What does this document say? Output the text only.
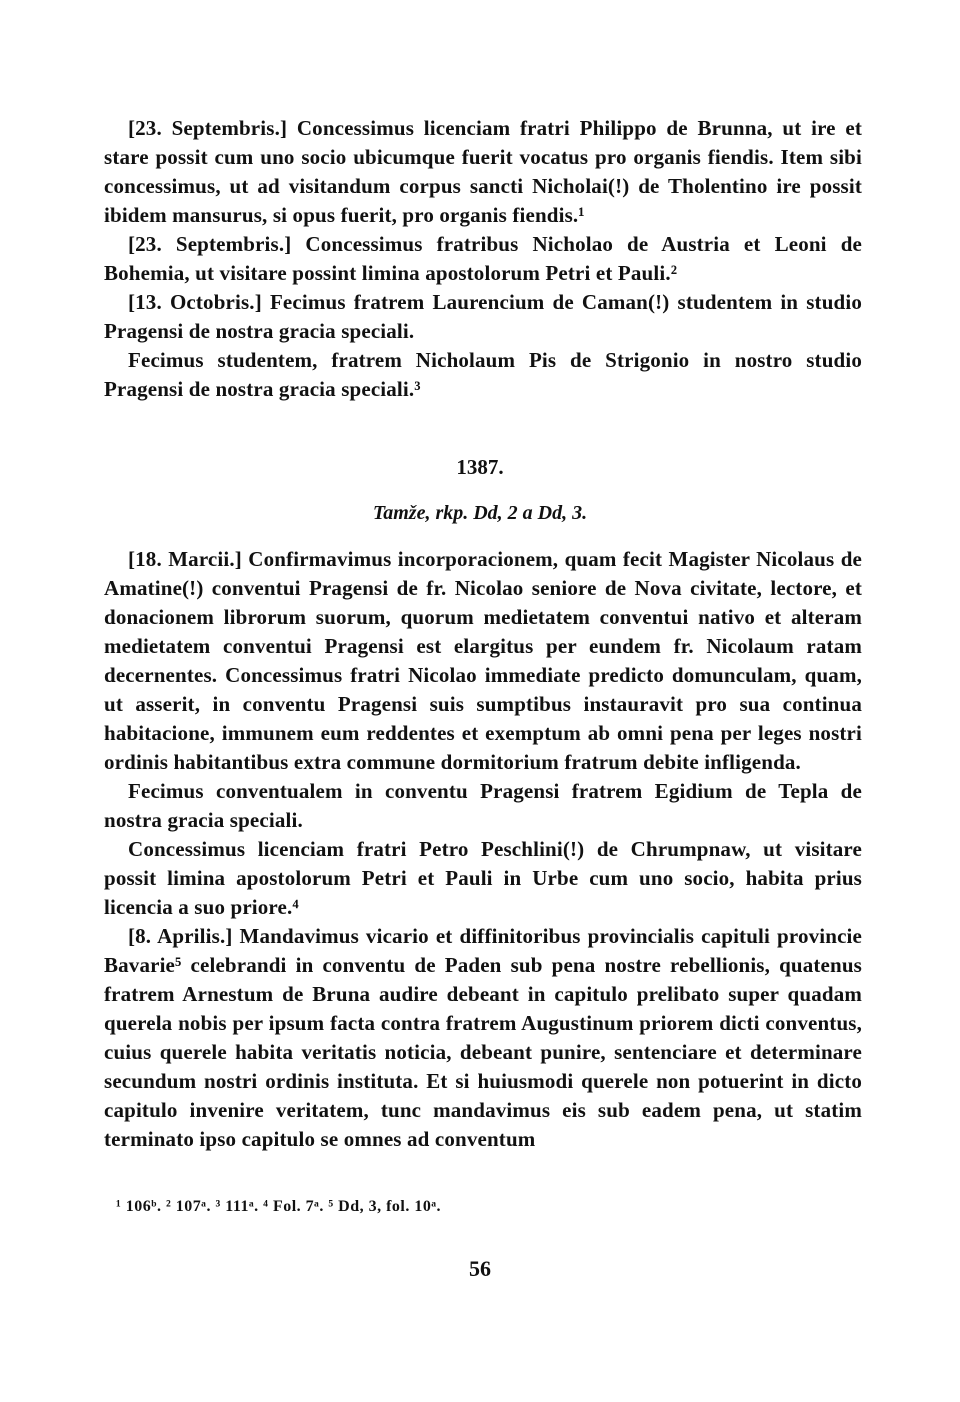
[23. Septembris.] Concessimus licenciam fratri Philippo de Brunna, ut ire et stare possit cum uno socio ubicumque fuerit vocatus pro organis fiendis. Item sibi concessimus, ut ad visitandum corpus sancti Nicholai(!) de Tholentino ire possit ibidem mansurus, si opus fuerit, pro organis fiendis.¹

[23. Septembris.] Concessimus fratribus Nicholao de Austria et Leoni de Bohemia, ut visitare possint limina apostolorum Petri et Pauli.²

[13. Octobris.] Fecimus fratrem Laurencium de Caman(!) studentem in studio Pragensi de nostra gracia speciali.

Fecimus studentem, fratrem Nicholaum Pis de Strigonio in nostro studio Pragensi de nostra gracia speciali.³

1387.
Tamže, rkp. Dd, 2 a Dd, 3.

[18. Marcii.] Confirmavimus incorporacionem, quam fecit Magister Nicolaus de Amatine(!) conventui Pragensi de fr. Nicolao seniore de Nova civitate, lectore, et donacionem librorum suorum, quorum medietatem conventui nativo et alteram medietatem conventui Pragensi est elargitus per eundem fr. Nicolaum ratam decernentes. Concessimus fratri Nicolao immediate predicto domunculam, quam, ut asserit, in conventu Pragensi suis sumptibus instauravit pro sua continua habitacione, immunem eum reddentes et exemptum ab omni pena per leges nostri ordinis habitantibus extra commune dormitorium fratrum debite infligenda.

Fecimus conventualem in conventu Pragensi fratrem Egidium de Tepla de nostra gracia speciali.

Concessimus licenciam fratri Petro Peschlini(!) de Chrumpnaw, ut visitare possit limina apostolorum Petri et Pauli in Urbe cum uno socio, habita prius licencia a suo priore.⁴

[8. Aprilis.] Mandavimus vicario et diffinitoribus provincialis capituli provincie Bavarie⁵ celebrandi in conventu de Paden sub pena nostre rebellionis, quatenus fratrem Arnestum de Bruna audire debeant in capitulo prelibato super quadam querela nobis per ipsum facta contra fratrem Augustinum priorem dicti conventus, cuius querele habita veritatis noticia, debeant punire, sentenciare et determinare secundum nostri ordinis instituta. Et si huiusmodi querele non potuerint in dicto capitulo invenire veritatem, tunc mandavimus eis sub eadem pena, ut statim terminato ipso capitulo se omnes ad conventum

¹ 106ᵇ. ² 107ᵃ. ³ 111ᵃ. ⁴ Fol. 7ᵃ. ⁵ Dd, 3, fol. 10ᵃ.
56
